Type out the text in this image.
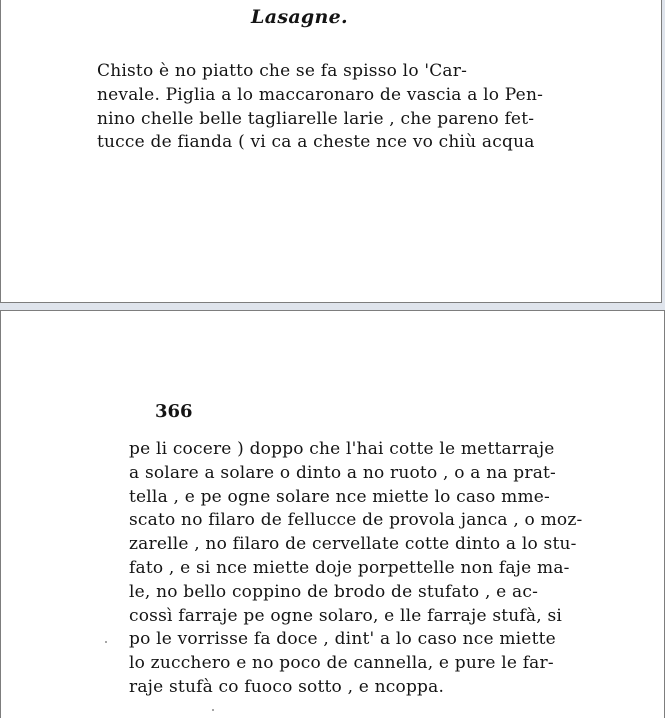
Lasagne.
Chisto è no piatto che se fa spisso lo 'Car-
nevale. Piglia a lo maccaronaro de vascia a lo Pen-
nino chelle belle tagliarelle larie , che pareno fet-
tucce de fianda ( vi ca a cheste nce vo chiù acqua
366
pe li cocere ) doppo che l'hai cotte le mettarraje
a solare a solare o dinto a no ruoto , o a na prat-
tella , e pe ogne solare nce miette lo caso mme-
scato no filaro de fellucce de provola janca , o moz-
zarelle , no filaro de cervellate cotte dinto a lo stu-
fato , e si nce miette doje porpettelle non faje ma-
le, no bello coppino de brodo de stufato , e ac-
cossì farraje pe ogne solaro, e lle farraje stufà, si
po le vorrisse fa doce , dint' a lo caso nce miette
lo zucchero e no poco de cannella, e pure le far-
raje stufà co fuoco sotto , e ncoppa.
